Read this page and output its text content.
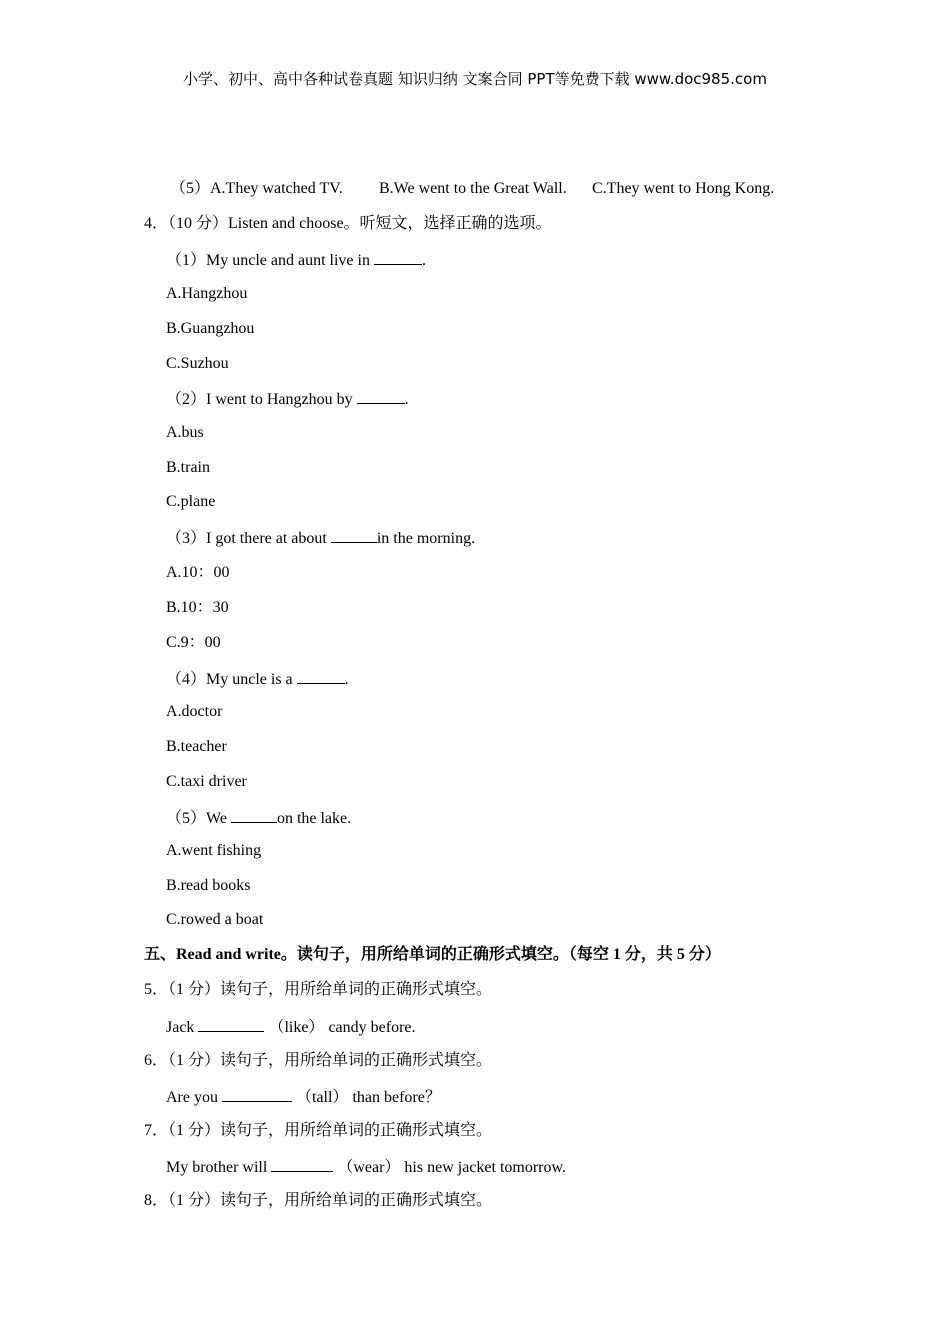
小学、初中、高中各种试卷真题 知识归纳 文案合同 PPT等免费下载 www.doc985.com
（5）A.They watched TV. B.We went to the Great Wall. C.They went to Hong Kong.
4．（10 分）Listen and choose。听短文，选择正确的选项。
（1）My uncle and aunt live in	.
A.Hangzhou
B.Guangzhou
C.Suzhou
（2）I went to Hangzhou by	.
A.bus
B.train
C.plane
（3）I got there at about	in the morning.
A.10：00
B.10：30
C.9：00
（4）My uncle is a	.
A.doctor
B.teacher
C.taxi driver
（5）We	on the lake.
A.went fishing
B.read books
C.rowed a boat
五、Read and write。读句子，用所给单词的正确形式填空。（每空 1 分，共 5 分）
5．（1 分）读句子，用所给单词的正确形式填空。
Jack	（like） candy before.
6．（1 分）读句子，用所给单词的正确形式填空。
Are you	（tall） than before？
7．（1 分）读句子，用所给单词的正确形式填空。
My brother will	（wear） his new jacket tomorrow.
8．（1 分）读句子，用所给单词的正确形式填空。
